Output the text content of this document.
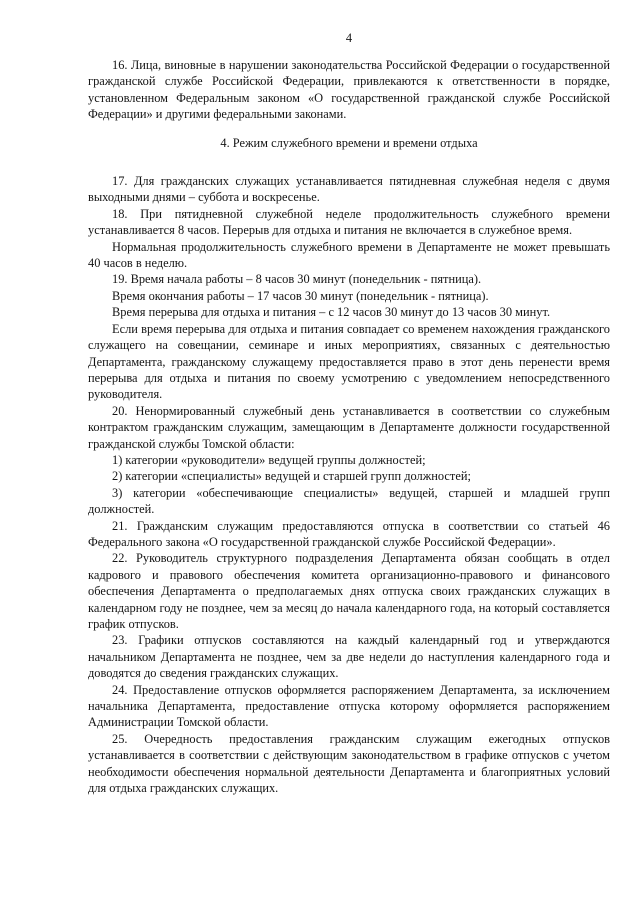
4

16. Лица, виновные в нарушении законодательства Российской Федерации о государственной гражданской службе Российской Федерации, привлекаются к ответственности в порядке, установленном Федеральным законом «О государственной гражданской службе Российской Федерации» и другими федеральными законами.

4. Режим служебного времени и времени отдыха

17. Для гражданских служащих устанавливается пятидневная служебная неделя с двумя выходными днями – суббота и воскресенье.

18. При пятидневной служебной неделе продолжительность служебного времени устанавливается 8 часов. Перерыв для отдыха и питания не включается в служебное время.

Нормальная продолжительность служебного времени в Департаменте не может превышать 40 часов в неделю.

19. Время начала работы – 8 часов 30 минут (понедельник - пятница).

Время окончания работы – 17 часов 30 минут (понедельник - пятница).

Время перерыва для отдыха и питания – с 12 часов 30 минут до 13 часов 30 минут.

Если время перерыва для отдыха и питания совпадает со временем нахождения гражданского служащего на совещании, семинаре и иных мероприятиях, связанных с деятельностью Департамента, гражданскому служащему предоставляется право в этот день перенести время перерыва для отдыха и питания по своему усмотрению с уведомлением непосредственного руководителя.

20. Ненормированный служебный день устанавливается в соответствии со служебным контрактом гражданским служащим, замещающим в Департаменте должности государственной гражданской службы Томской области:

1) категории «руководители» ведущей группы должностей;

2) категории «специалисты» ведущей и старшей групп должностей;

3) категории «обеспечивающие специалисты» ведущей, старшей и младшей групп должностей.

21. Гражданским служащим предоставляются отпуска в соответствии со статьей 46 Федерального закона «О государственной гражданской службе Российской Федерации».

22. Руководитель структурного подразделения Департамента обязан сообщать в отдел кадрового и правового обеспечения комитета организационно-правового и финансового обеспечения Департамента о предполагаемых днях отпуска своих гражданских служащих в календарном году не позднее, чем за месяц до начала календарного года, на который составляется график отпусков.

23. Графики отпусков составляются на каждый календарный год и утверждаются начальником Департамента не позднее, чем за две недели до наступления календарного года и доводятся до сведения гражданских служащих.

24. Предоставление отпусков оформляется распоряжением Департамента, за исключением начальника Департамента, предоставление отпуска которому оформляется распоряжением Администрации Томской области.

25. Очередность предоставления гражданским служащим ежегодных отпусков устанавливается в соответствии с действующим законодательством в графике отпусков с учетом необходимости обеспечения нормальной деятельности Департамента и благоприятных условий для отдыха гражданских служащих.
